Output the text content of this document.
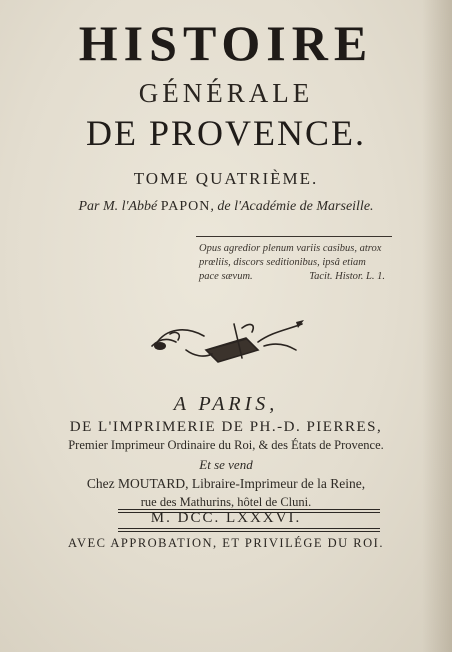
HISTOIRE
GÉNÉRALE
DE PROVENCE.
TOME QUATRIÈME.
Par M. l'Abbé PAPON, de l'Académie de Marseille.
Opus agredior plenum variis casibus, atrox
prœliis, discors seditionibus, ipsâ etiam
pace sævum.	Tacit. Histor. L. 1.
A PARIS,
DE L'IMPRIMERIE DE PH.-D. PIERRES,
Premier Imprimeur Ordinaire du Roi, & des États de Provence.
Et se vend
Chez MOUTARD, Libraire-Imprimeur de la Reine,
rue des Mathurins, hôtel de Cluni.
M. DCC. LXXXVI.
AVEC APPROBATION, ET PRIVILÉGE DU ROI.
